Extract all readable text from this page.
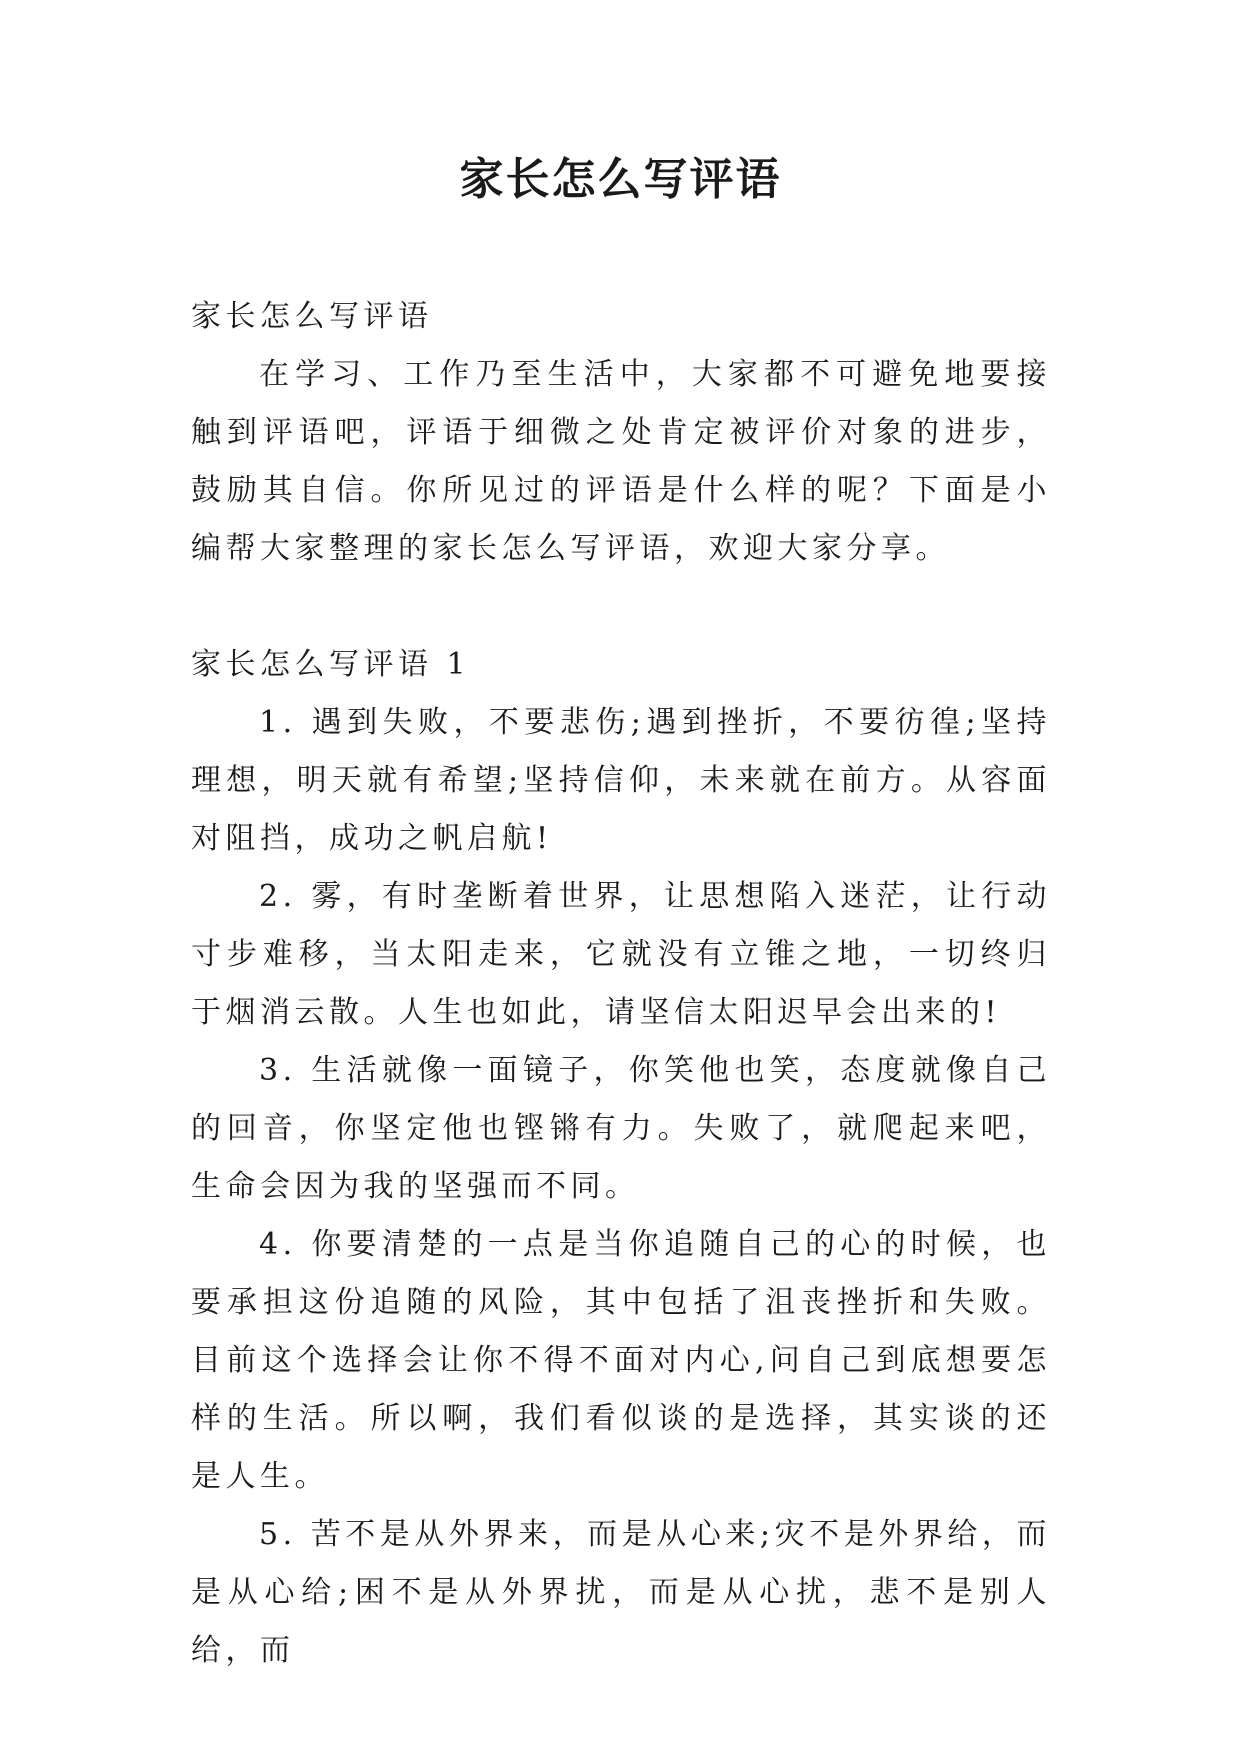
家长怎么写评语

家长怎么写评语

在学习、工作乃至生活中，大家都不可避免地要接触到评语吧，评语于细微之处肯定被评价对象的进步，鼓励其自信。你所见过的评语是什么样的呢？下面是小编帮大家整理的家长怎么写评语，欢迎大家分享。

家长怎么写评语 1

1. 遇到失败，不要悲伤;遇到挫折，不要彷徨;坚持理想，明天就有希望;坚持信仰，未来就在前方。从容面对阻挡，成功之帆启航!

2. 雾，有时垄断着世界，让思想陷入迷茫，让行动寸步难移，当太阳走来，它就没有立锥之地，一切终归于烟消云散。人生也如此，请坚信太阳迟早会出来的!

3. 生活就像一面镜子，你笑他也笑，态度就像自己的回音，你坚定他也铿锵有力。失败了，就爬起来吧，生命会因为我的坚强而不同。

4. 你要清楚的一点是当你追随自己的心的时候，也要承担这份追随的风险，其中包括了沮丧挫折和失败。目前这个选择会让你不得不面对内心,问自己到底想要怎样的生活。所以啊，我们看似谈的是选择，其实谈的还是人生。

5. 苦不是从外界来，而是从心来;灾不是外界给，而是从心给;困不是从外界扰，而是从心扰，悲不是别人给，而
